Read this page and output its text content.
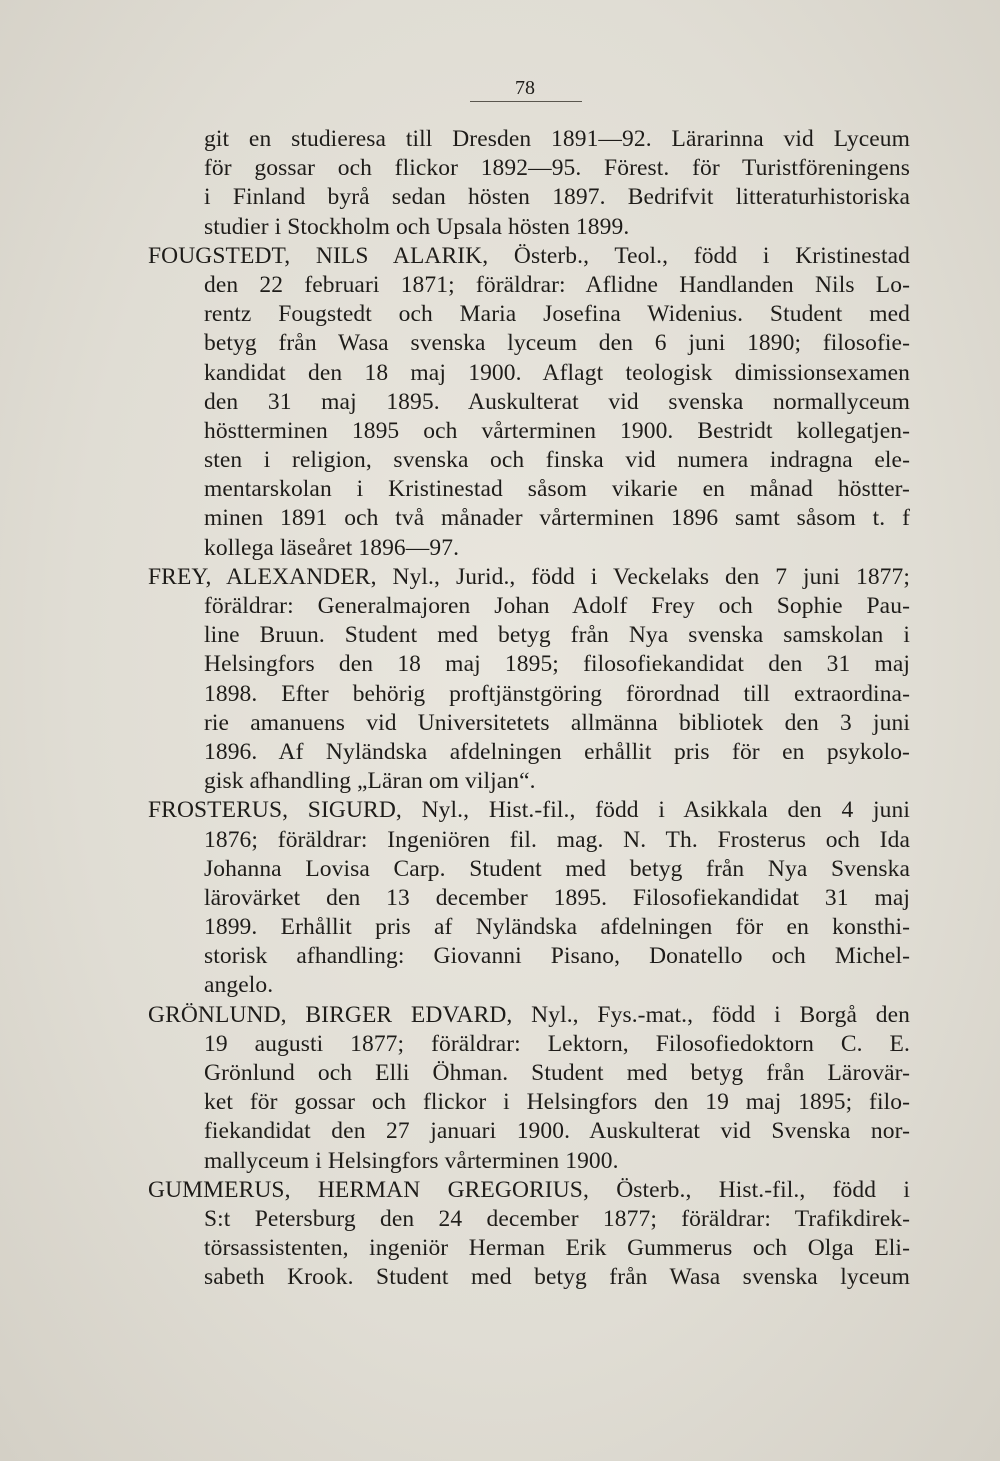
78
git en studieresa till Dresden 1891—92. Lärarinna vid Lyceum
för gossar och flickor 1892—95. Förest. för Turistföreningens
i Finland byrå sedan hösten 1897. Bedrifvit litteraturhistoriska
studier i Stockholm och Upsala hösten 1899.
FOUGSTEDT, NILS ALARIK, Österb., Teol., född i Kristinestad
den 22 februari 1871; föräldrar: Aflidne Handlanden Nils Lo-
rentz Fougstedt och Maria Josefina Widenius. Student med
betyg från Wasa svenska lyceum den 6 juni 1890; filosofie-
kandidat den 18 maj 1900. Aflagt teologisk dimissionsexamen
den 31 maj 1895. Auskulterat vid svenska normallyceum
höstterminen 1895 och vårterminen 1900. Bestridt kollegatjen-
sten i religion, svenska och finska vid numera indragna ele-
mentarskolan i Kristinestad såsom vikarie en månad höstter-
minen 1891 och två månader vårterminen 1896 samt såsom t. f
kollega läseåret 1896—97.
FREY, ALEXANDER, Nyl., Jurid., född i Veckelaks den 7 juni 1877;
föräldrar: Generalmajoren Johan Adolf Frey och Sophie Pau-
line Bruun. Student med betyg från Nya svenska samskolan i
Helsingfors den 18 maj 1895; filosofiekandidat den 31 maj
1898. Efter behörig proftjänstgöring förordnad till extraordina-
rie amanuens vid Universitetets allmänna bibliotek den 3 juni
1896. Af Nyländska afdelningen erhållit pris för en psykolo-
gisk afhandling „Läran om viljan“.
FROSTERUS, SIGURD, Nyl., Hist.-fil., född i Asikkala den 4 juni
1876; föräldrar: Ingeniören fil. mag. N. Th. Frosterus och Ida
Johanna Lovisa Carp. Student med betyg från Nya Svenska
lärovärket den 13 december 1895. Filosofiekandidat 31 maj
1899. Erhållit pris af Nyländska afdelningen för en konsthi-
storisk afhandling: Giovanni Pisano, Donatello och Michel-
angelo.
GRÖNLUND, BIRGER EDVARD, Nyl., Fys.-mat., född i Borgå den
19 augusti 1877; föräldrar: Lektorn, Filosofiedoktorn C. E.
Grönlund och Elli Öhman. Student med betyg från Lärovär-
ket för gossar och flickor i Helsingfors den 19 maj 1895; filo-
fiekandidat den 27 januari 1900. Auskulterat vid Svenska nor-
mallyceum i Helsingfors vårterminen 1900.
GUMMERUS, HERMAN GREGORIUS, Österb., Hist.-fil., född i
S:t Petersburg den 24 december 1877; föräldrar: Trafikdirek-
törsassistenten, ingeniör Herman Erik Gummerus och Olga Eli-
sabeth Krook. Student med betyg från Wasa svenska lyceum
